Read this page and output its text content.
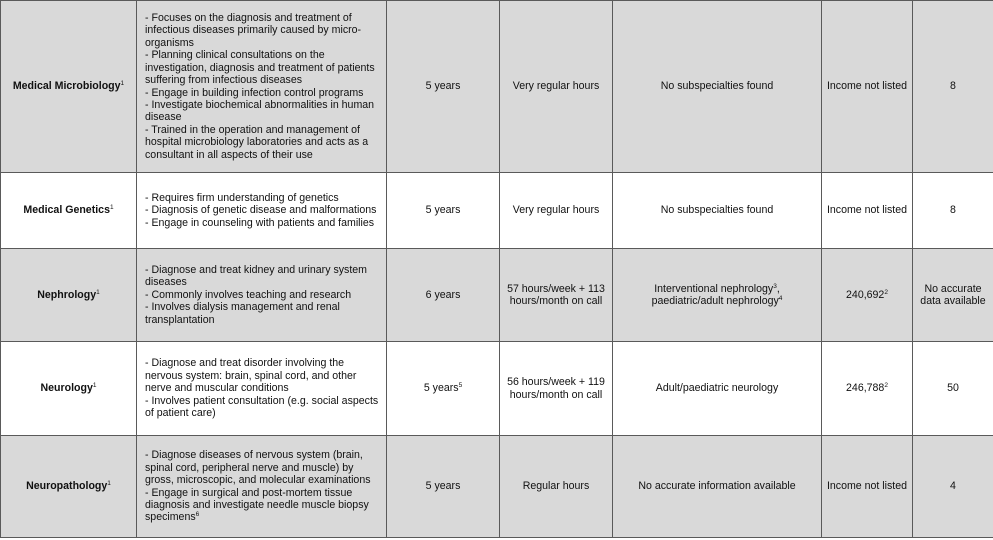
Medical Microbiology$^1$	- Focuses on the diagnosis and treatment of infectious diseases primarily caused by micro-organisms
- Planning clinical consultations on the investigation, diagnosis and treatment of patients suffering from infectious diseases
- Engage in building infection control programs
- Investigate biochemical abnormalities in human disease
- Trained in the operation and management of hospital microbiology laboratories and acts as a consultant in all aspects of their use	5 years	Very regular hours	No subspecialties found	Income not listed	8
Medical Genetics$^1$	- Requires firm understanding of genetics
- Diagnosis of genetic disease and malformations
- Engage in counseling with patients and families	5 years	Very regular hours	No subspecialties found	Income not listed	8
Nephrology$^1$	- Diagnose and treat kidney and urinary system diseases
- Commonly involves teaching and research
- Involves dialysis management and renal transplantation	6 years	57 hours/week + 113 hours/month on call	Interventional nephrology$^3$,
paediatric/adult nephrology$^4$	240,692$^2$	No accurate data available
Neurology$^1$	- Diagnose and treat disorder involving the nervous system: brain, spinal cord, and other nerve and muscular conditions
- Involves patient consultation (e.g. social aspects of patient care)	5 years$^5$	56 hours/week + 119 hours/month on call	Adult/paediatric neurology	246,788$^2$	50
Neuropathology$^1$	- Diagnose diseases of nervous system (brain, spinal cord, peripheral nerve and muscle) by gross, microscopic, and molecular examinations
- Engage in surgical and post-mortem tissue diagnosis and investigate needle muscle biopsy specimens$^6$	5 years	Regular hours	No accurate information available	Income not listed	4
